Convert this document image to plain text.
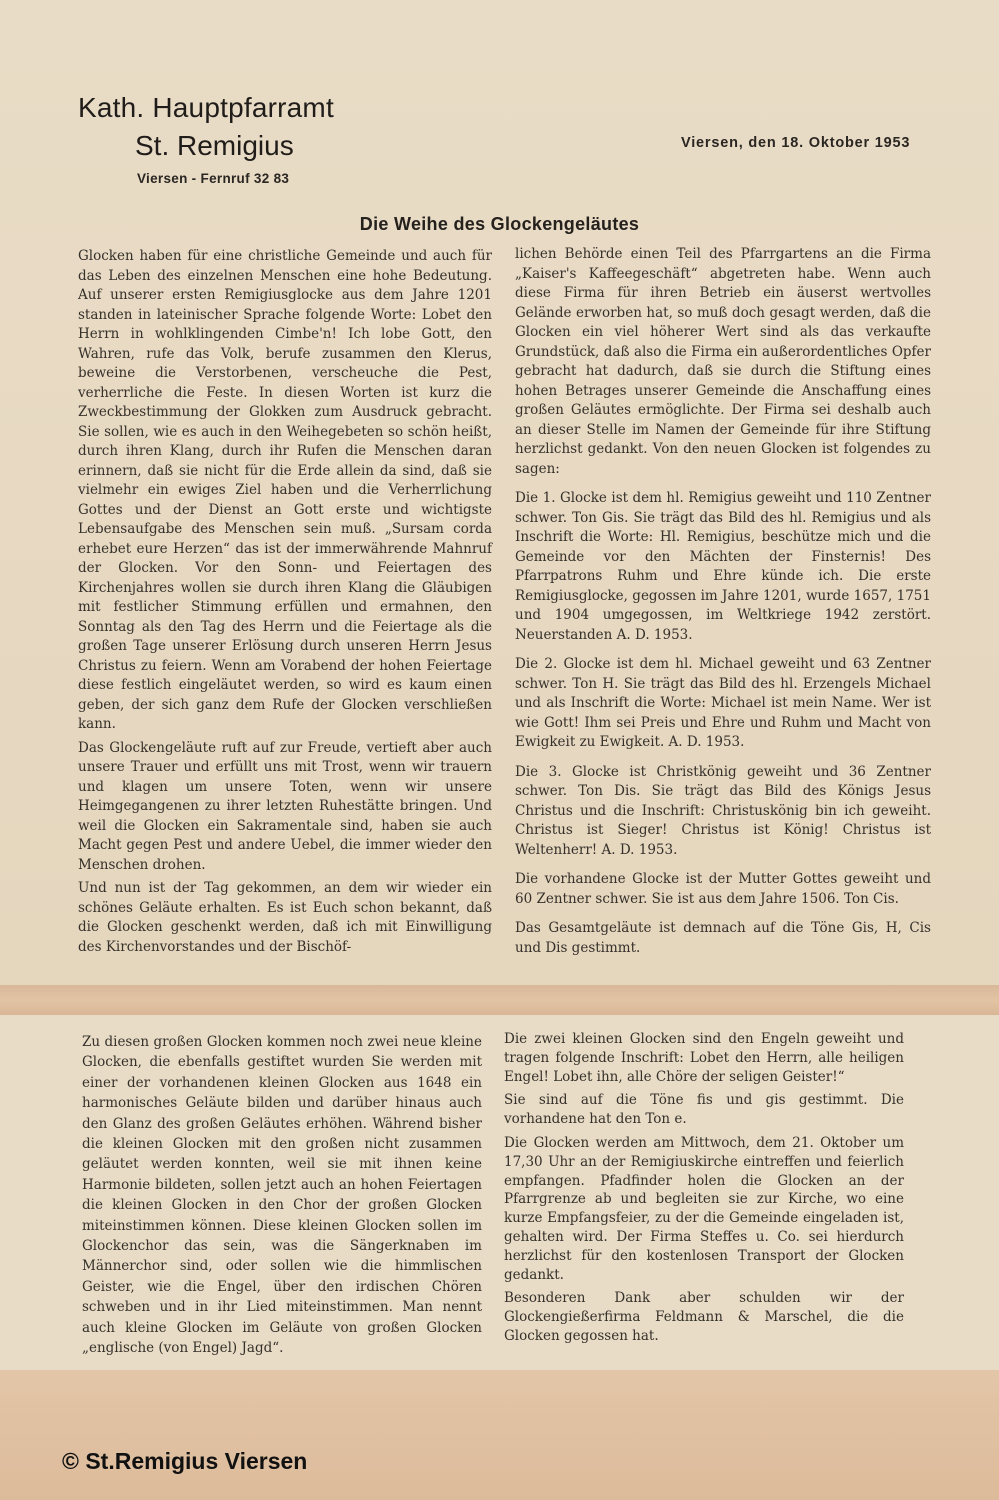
Kath. Hauptpfarramt
St. Remigius
Viersen - Fernruf 32 83
Viersen, den 18. Oktober 1953
Die Weihe des Glockengeläutes

Glocken haben für eine christliche Gemeinde und auch für das Leben des einzelnen Menschen eine hohe Bedeutung. Auf unserer ersten Remigiusglocke aus dem Jahre 1201 standen in lateinischer Sprache folgende Worte: Lobet den Herrn in wohlklingenden Cimbe'n! Ich lobe Gott, den Wahren, rufe das Volk, berufe zusammen den Klerus, beweine die Verstorbenen, verscheuche die Pest, verherrliche die Feste. In diesen Worten ist kurz die Zweckbestimmung der Glokken zum Ausdruck gebracht. Sie sollen, wie es auch in den Weihegebeten so schön heißt, durch ihren Klang, durch ihr Rufen die Menschen daran erinnern, daß sie nicht für die Erde allein da sind, daß sie vielmehr ein ewiges Ziel haben und die Verherrlichung Gottes und der Dienst an Gott erste und wichtigste Lebensaufgabe des Menschen sein muß. „Sursam corda erhebet eure Herzen“ das ist der immerwährende Mahnruf der Glocken. Vor den Sonn- und Feiertagen des Kirchenjahres wollen sie durch ihren Klang die Gläubigen mit festlicher Stimmung erfüllen und ermahnen, den Sonntag als den Tag des Herrn und die Feiertage als die großen Tage unserer Erlösung durch unseren Herrn Jesus Christus zu feiern. Wenn am Vorabend der hohen Feiertage diese festlich eingeläutet werden, so wird es kaum einen geben, der sich ganz dem Rufe der Glocken verschließen kann.

Das Glockengeläute ruft auf zur Freude, vertieft aber auch unsere Trauer und erfüllt uns mit Trost, wenn wir trauern und klagen um unsere Toten, wenn wir unsere Heimgegangenen zu ihrer letzten Ruhestätte bringen. Und weil die Glocken ein Sakramentale sind, haben sie auch Macht gegen Pest und andere Uebel, die immer wieder den Menschen drohen.

Und nun ist der Tag gekommen, an dem wir wieder ein schönes Geläute erhalten. Es ist Euch schon bekannt, daß die Glocken geschenkt werden, daß ich mit Einwilligung des Kirchenvorstandes und der Bischöf-

lichen Behörde einen Teil des Pfarrgartens an die Firma „Kaiser's Kaffeegeschäft“ abgetreten habe. Wenn auch diese Firma für ihren Betrieb ein äuserst wertvolles Gelände erworben hat, so muß doch gesagt werden, daß die Glocken ein viel höherer Wert sind als das verkaufte Grundstück, daß also die Firma ein außerordentliches Opfer gebracht hat dadurch, daß sie durch die Stiftung eines hohen Betrages unserer Gemeinde die Anschaffung eines großen Geläutes ermöglichte. Der Firma sei deshalb auch an dieser Stelle im Namen der Gemeinde für ihre Stiftung herzlichst gedankt. Von den neuen Glocken ist folgendes zu sagen:

Die 1. Glocke ist dem hl. Remigius geweiht und 110 Zentner schwer. Ton Gis. Sie trägt das Bild des hl. Remigius und als Inschrift die Worte: Hl. Remigius, beschütze mich und die Gemeinde vor den Mächten der Finsternis! Des Pfarrpatrons Ruhm und Ehre künde ich. Die erste Remigiusglocke, gegossen im Jahre 1201, wurde 1657, 1751 und 1904 umgegossen, im Weltkriege 1942 zerstört. Neuerstanden A. D. 1953.

Die 2. Glocke ist dem hl. Michael geweiht und 63 Zentner schwer. Ton H. Sie trägt das Bild des hl. Erzengels Michael und als Inschrift die Worte: Michael ist mein Name. Wer ist wie Gott! Ihm sei Preis und Ehre und Ruhm und Macht von Ewigkeit zu Ewigkeit. A. D. 1953.

Die 3. Glocke ist Christkönig geweiht und 36 Zentner schwer. Ton Dis. Sie trägt das Bild des Königs Jesus Christus und die Inschrift: Christuskönig bin ich geweiht. Christus ist Sieger! Christus ist König! Christus ist Weltenherr! A. D. 1953.

Die vorhandene Glocke ist der Mutter Gottes geweiht und 60 Zentner schwer. Sie ist aus dem Jahre 1506. Ton Cis.

Das Gesamtgeläute ist demnach auf die Töne Gis, H, Cis und Dis gestimmt.

Zu diesen großen Glocken kommen noch zwei neue kleine Glocken, die ebenfalls gestiftet wurden Sie werden mit einer der vorhandenen kleinen Glocken aus 1648 ein harmonisches Geläute bilden und darüber hinaus auch den Glanz des großen Geläutes erhöhen. Während bisher die kleinen Glocken mit den großen nicht zusammen geläutet werden konnten, weil sie mit ihnen keine Harmonie bildeten, sollen jetzt auch an hohen Feiertagen die kleinen Glocken in den Chor der großen Glocken miteinstimmen können. Diese kleinen Glocken sollen im Glockenchor das sein, was die Sängerknaben im Männerchor sind, oder sollen wie die himmlischen Geister, wie die Engel, über den irdischen Chören schweben und in ihr Lied miteinstimmen. Man nennt auch kleine Glocken im Geläute von großen Glocken „englische (von Engel) Jagd“.

Die zwei kleinen Glocken sind den Engeln geweiht und tragen folgende Inschrift: Lobet den Herrn, alle heiligen Engel! Lobet ihn, alle Chöre der seligen Geister!“

Sie sind auf die Töne fis und gis gestimmt. Die vorhandene hat den Ton e.

Die Glocken werden am Mittwoch, dem 21. Oktober um 17,30 Uhr an der Remigiuskirche eintreffen und feierlich empfangen. Pfadfinder holen die Glocken an der Pfarrgrenze ab und begleiten sie zur Kirche, wo eine kurze Empfangsfeier, zu der die Gemeinde eingeladen ist, gehalten wird. Der Firma Steffes u. Co. sei hierdurch herzlichst für den kostenlosen Transport der Glocken gedankt.

Besonderen Dank aber schulden wir der Glockengießerfirma Feldmann & Marschel, die die Glocken gegossen hat.

© St.Remigius Viersen
